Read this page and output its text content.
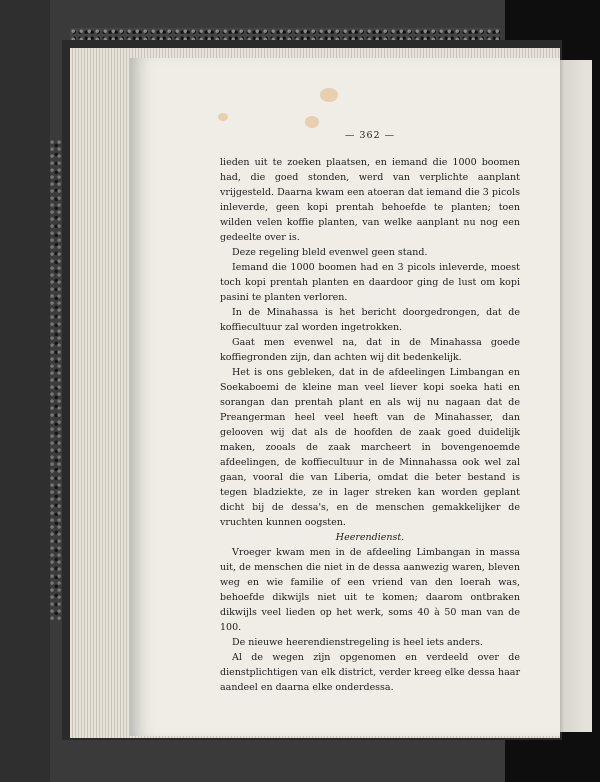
— 362 —

lieden uit te zoeken plaatsen, en iemand die 1000 boomen had, die goed stonden, werd van verplichte aanplant vrijgesteld. Daarna kwam een atoeran dat iemand die 3 picols inleverde, geen kopi prentah behoefde te planten; toen wilden velen koffie planten, van welke aanplant nu nog een gedeelte over is.

Deze regeling bleld evenwel geen stand.

Iemand die 1000 boomen had en 3 picols inleverde, moest toch kopi prentah planten en daardoor ging de lust om kopi pasini te planten verloren.

In de Minahassa is het bericht doorgedrongen, dat de koffiecultuur zal worden ingetrokken.

Gaat men evenwel na, dat in de Minahassa goede koffiegronden zijn, dan achten wij dit bedenkelijk.

Het is ons gebleken, dat in de afdeelingen Limbangan en Soekaboemi de kleine man veel liever kopi soeka hati en sorangan dan prentah plant en als wij nu nagaan dat de Preangerman heel veel heeft van de Minahasser, dan gelooven wij dat als de hoofden de zaak goed duidelijk maken, zooals de zaak marcheert in bovengenoemde afdeelingen, de koffiecultuur in de Minnahassa ook wel zal gaan, vooral die van Liberia, omdat die beter bestand is tegen bladziekte, ze in lager streken kan worden geplant dicht bij de dessa's, en de menschen gemakkelijker de vruchten kunnen oogsten.

Heerendienst.

Vroeger kwam men in de afdeeling Limbangan in massa uit, de menschen die niet in de dessa aanwezig waren, bleven weg en wie familie of een vriend van den loerah was, behoefde dikwijls niet uit te komen; daarom ontbraken dikwijls veel lieden op het werk, soms 40 à 50 man van de 100.

De nieuwe heerendienstregeling is heel iets anders.

Al de wegen zijn opgenomen en verdeeld over de dienstplichtigen van elk district, verder kreeg elke dessa haar aandeel en daarna elke onderdessa.
